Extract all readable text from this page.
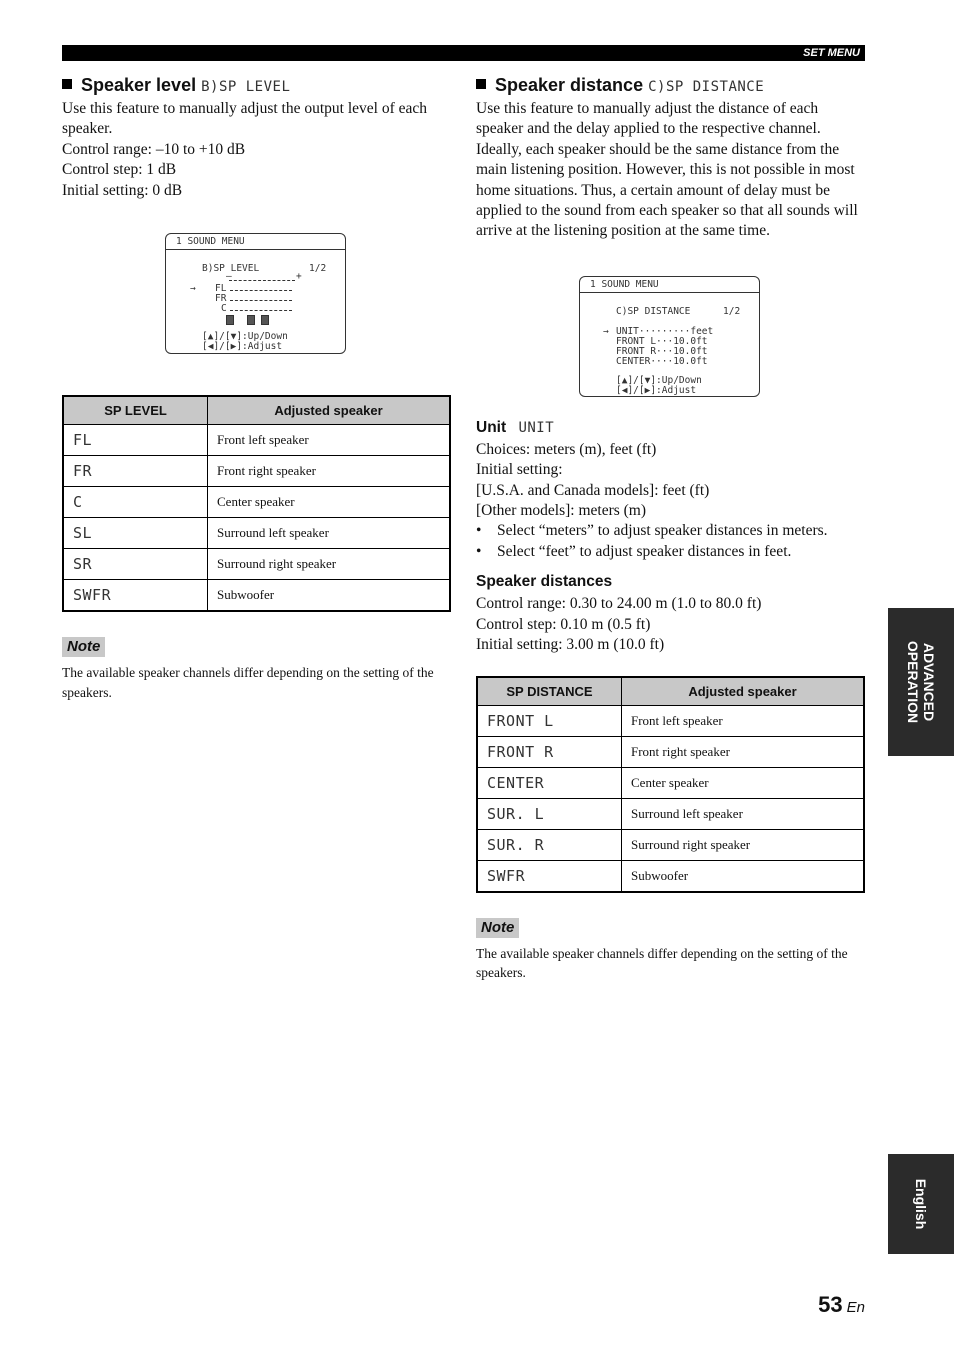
SET MENU
Speaker level B)SP LEVEL

Use this feature to manually adjust the output level of each speaker.

Control range: –10 to +10 dB

Control step: 1 dB

Initial setting: 0 dB

1 SOUND MENU
B)SP LEVEL	1/2
–	+
→ FL
FR
C
[▲]/[▼]:Up/Down
[◀]/[▶]:Adjust
SP LEVEL	Adjusted speaker
FL	Front left speaker
FR	Front right speaker
C	Center speaker
SL	Surround left speaker
SR	Surround right speaker
SWFR	Subwoofer
Note

The available speaker channels differ depending on the setting of the speakers.

Speaker distance C)SP DISTANCE

Use this feature to manually adjust the distance of each speaker and the delay applied to the respective channel. Ideally, each speaker should be the same distance from the main listening position. However, this is not possible in most home situations. Thus, a certain amount of delay must be applied to the sound from each speaker so that all sounds will arrive at the listening position at the same time.

1 SOUND MENU
C)SP DISTANCE	1/2
→ UNIT·········feet
FRONT L···10.0ft
FRONT R···10.0ft
CENTER····10.0ft
[▲]/[▼]:Up/Down
[◀]/[▶]:Adjust
Unit UNIT

Choices: meters (m), feet (ft)

Initial setting:

[U.S.A. and Canada models]: feet (ft)

[Other models]: meters (m)

• Select “meters” to adjust speaker distances in meters.

• Select “feet” to adjust speaker distances in feet.

Speaker distances

Control range: 0.30 to 24.00 m (1.0 to 80.0 ft)

Control step: 0.10 m (0.5 ft)

Initial setting: 3.00 m (10.0 ft)

SP DISTANCE	Adjusted speaker
FRONT L	Front left speaker
FRONT R	Front right speaker
CENTER	Center speaker
SUR. L	Surround left speaker
SUR. R	Surround right speaker
SWFR	Subwoofer
Note

The available speaker channels differ depending on the setting of the speakers.

ADVANCED
OPERATION
English
53 En
